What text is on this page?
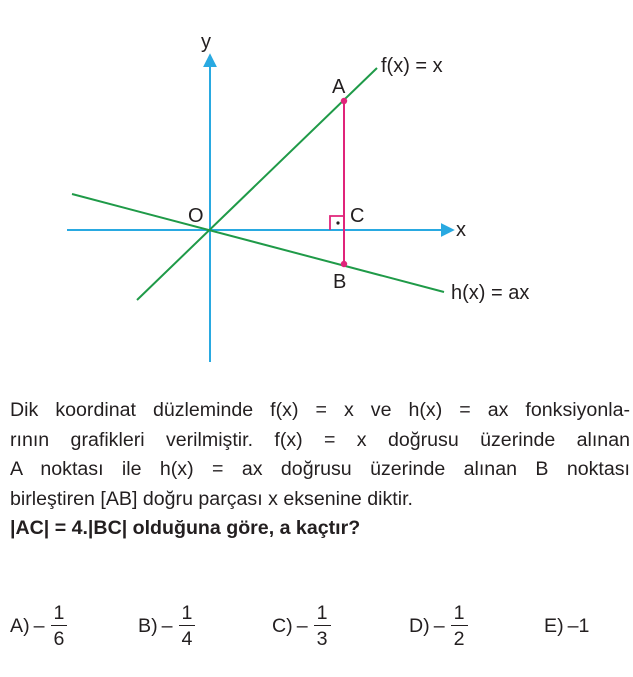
y
x
O
A
B
C
f(x) = x
h(x) = ax

Dik koordinat düzleminde f(x) = x ve h(x) = ax fonksiyonla-

rının grafikleri verilmiştir. f(x) = x doğrusu üzerinde alınan

A noktası ile h(x) = ax doğrusu üzerinde alınan B noktası

birleştiren [AB] doğru parçası x eksenine diktir.

|AC| = 4.|BC| olduğuna göre, a kaçtır?

$A) - \frac{1}{6}$	$B) - \frac{1}{4}$	$C) - \frac{1}{3}$	$D) - \frac{1}{2}$	E) –1
